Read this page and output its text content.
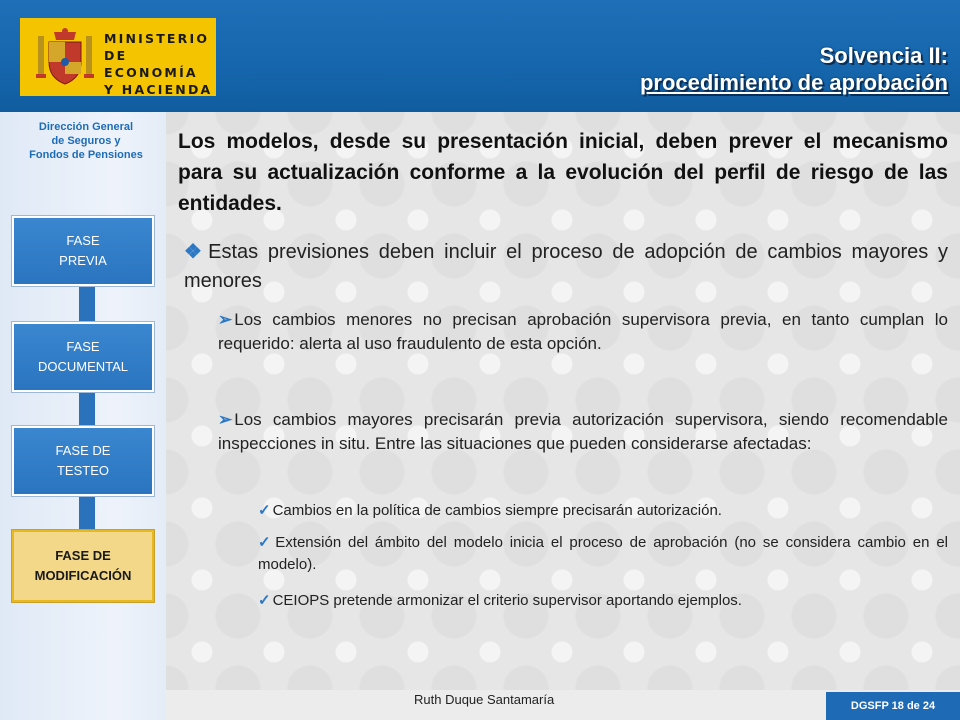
MINISTERIO
DE ECONOMÍA
Y HACIENDA
Solvencia II:
procedimiento de aprobación
Dirección General
de Seguros y
Fondos de Pensiones
FASE
PREVIA
FASE
DOCUMENTAL
FASE DE
TESTEO
FASE DE
MODIFICACIÓN
Los modelos, desde su presentación inicial, deben prever el mecanismo para su actualización conforme a la evolución del perfil de riesgo de las entidades.
❖ Estas previsiones deben incluir el proceso de adopción de cambios mayores y menores
➢ Los cambios menores no precisan aprobación supervisora previa, en tanto cumplan lo requerido: alerta al uso fraudulento de esta opción.
➢ Los cambios mayores precisarán previa autorización supervisora, siendo recomendable inspecciones in situ. Entre las situaciones que pueden considerarse afectadas:
✓ Cambios en la política de cambios siempre precisarán autorización.
✓ Extensión del ámbito del modelo inicia el proceso de aprobación (no se considera cambio en el modelo).
✓ CEIOPS pretende armonizar el criterio supervisor aportando ejemplos.
Ruth Duque Santamaría	DGSFP 18 de 24
